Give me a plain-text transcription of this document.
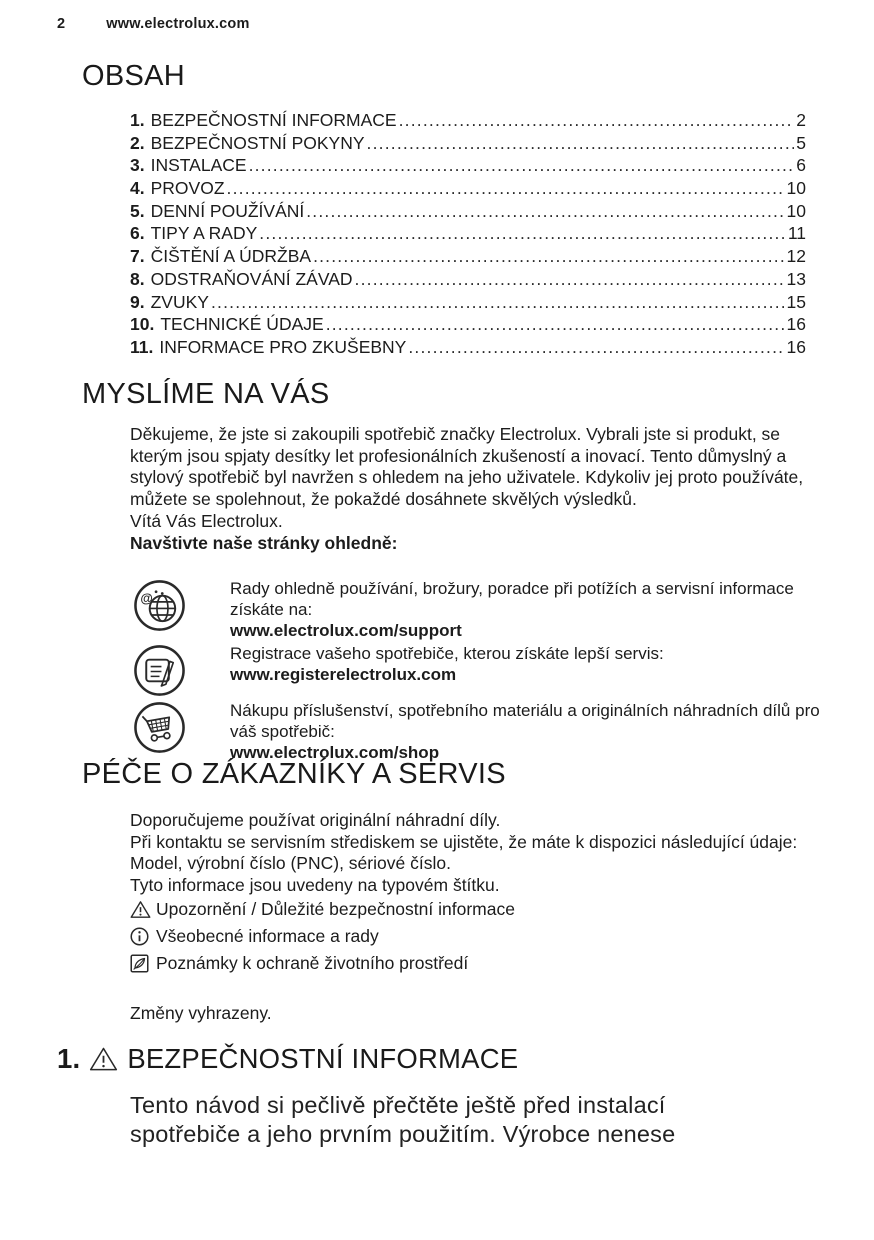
2	www.electrolux.com
OBSAH
1. BEZPEČNOSTNÍ INFORMACE .....	2
2. BEZPEČNOSTNÍ POKYNY .....	5
3. INSTALACE .....	6
4. PROVOZ .....	10
5. DENNÍ POUŽÍVÁNÍ .....	10
6. TIPY A RADY .....	11
7. ČIŠTĚNÍ A ÚDRŽBA .....	12
8. ODSTRAŇOVÁNÍ ZÁVAD .....	13
9. ZVUKY .....	15
10. TECHNICKÉ ÚDAJE .....	16
11. INFORMACE PRO ZKUŠEBNY .....	16
MYSLÍME NA VÁS
Děkujeme, že jste si zakoupili spotřebič značky Electrolux. Vybrali jste si produkt, se kterým jsou spjaty desítky let profesionálních zkušeností a inovací. Tento důmyslný a stylový spotřebič byl navržen s ohledem na jeho uživatele. Kdykoliv jej proto používáte, můžete se spolehnout, že pokaždé dosáhnete skvělých výsledků.
Vítá Vás Electrolux.
Navštivte naše stránky ohledně:
@
Rady ohledně používání, brožury, poradce při potížích a servisní informace získáte na:
www.electrolux.com/support
Registrace vašeho spotřebiče, kterou získáte lepší servis:
www.registerelectrolux.com
Nákupu příslušenství, spotřebního materiálu a originálních náhradních dílů pro váš spotřebič:
www.electrolux.com/shop
PÉČE O ZÁKAZNÍKY A SERVIS
Doporučujeme používat originální náhradní díly.
Při kontaktu se servisním střediskem se ujistěte, že máte k dispozici následující údaje: Model, výrobní číslo (PNC), sériové číslo.
Tyto informace jsou uvedeny na typovém štítku.
Upozornění / Důležité bezpečnostní informace
Všeobecné informace a rady
Poznámky k ochraně životního prostředí
Změny vyhrazeny.
1. BEZPEČNOSTNÍ INFORMACE
Tento návod si pečlivě přečtěte ještě před instalací spotřebiče a jeho prvním použitím. Výrobce nenese
